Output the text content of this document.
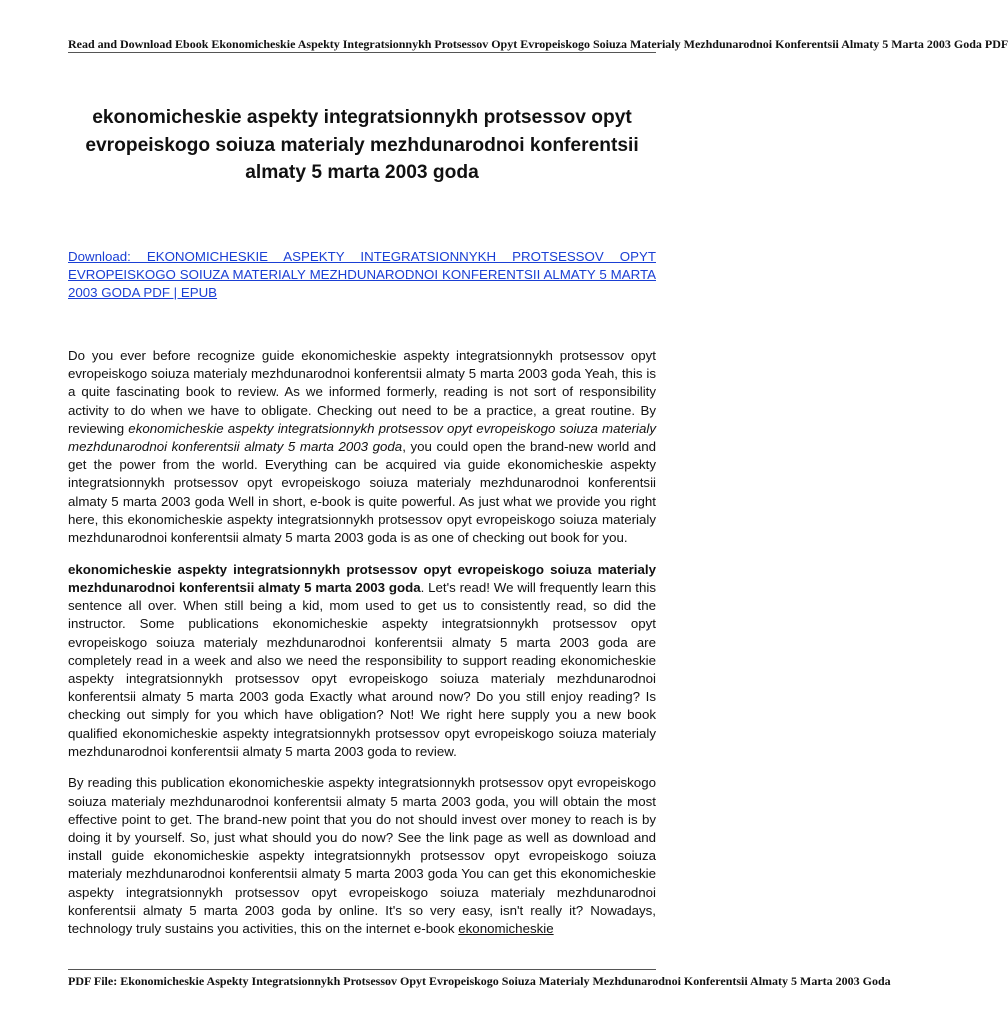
Read and Download Ebook Ekonomicheskie Aspekty Integratsionnykh Protsessov Opyt Evropeiskogo Soiuza Materialy Mezhdunarodnoi Konferentsii Almaty 5 Marta 2003 Goda PDF
ekonomicheskie aspekty integratsionnykh protsessov opyt evropeiskogo soiuza materialy mezhdunarodnoi konferentsii almaty 5 marta 2003 goda
Download: EKONOMICHESKIE ASPEKTY INTEGRATSIONNYKH PROTSESSOV OPYT EVROPEISKOGO SOIUZA MATERIALY MEZHDUNARODNOI KONFERENTSII ALMATY 5 MARTA 2003 GODA PDF | EPUB

Do you ever before recognize guide ekonomicheskie aspekty integratsionnykh protsessov opyt evropeiskogo soiuza materialy mezhdunarodnoi konferentsii almaty 5 marta 2003 goda Yeah, this is a quite fascinating book to review. As we informed formerly, reading is not sort of responsibility activity to do when we have to obligate. Checking out need to be a practice, a great routine. By reviewing ekonomicheskie aspekty integratsionnykh protsessov opyt evropeiskogo soiuza materialy mezhdunarodnoi konferentsii almaty 5 marta 2003 goda, you could open the brand-new world and get the power from the world. Everything can be acquired via guide ekonomicheskie aspekty integratsionnykh protsessov opyt evropeiskogo soiuza materialy mezhdunarodnoi konferentsii almaty 5 marta 2003 goda Well in short, e-book is quite powerful. As just what we provide you right here, this ekonomicheskie aspekty integratsionnykh protsessov opyt evropeiskogo soiuza materialy mezhdunarodnoi konferentsii almaty 5 marta 2003 goda is as one of checking out book for you.

ekonomicheskie aspekty integratsionnykh protsessov opyt evropeiskogo soiuza materialy mezhdunarodnoi konferentsii almaty 5 marta 2003 goda. Let's read! We will frequently learn this sentence all over. When still being a kid, mom used to get us to consistently read, so did the instructor. Some publications ekonomicheskie aspekty integratsionnykh protsessov opyt evropeiskogo soiuza materialy mezhdunarodnoi konferentsii almaty 5 marta 2003 goda are completely read in a week and also we need the responsibility to support reading ekonomicheskie aspekty integratsionnykh protsessov opyt evropeiskogo soiuza materialy mezhdunarodnoi konferentsii almaty 5 marta 2003 goda Exactly what around now? Do you still enjoy reading? Is checking out simply for you which have obligation? Not! We right here supply you a new book qualified ekonomicheskie aspekty integratsionnykh protsessov opyt evropeiskogo soiuza materialy mezhdunarodnoi konferentsii almaty 5 marta 2003 goda to review.

By reading this publication ekonomicheskie aspekty integratsionnykh protsessov opyt evropeiskogo soiuza materialy mezhdunarodnoi konferentsii almaty 5 marta 2003 goda, you will obtain the most effective point to get. The brand-new point that you do not should invest over money to reach is by doing it by yourself. So, just what should you do now? See the link page as well as download and install guide ekonomicheskie aspekty integratsionnykh protsessov opyt evropeiskogo soiuza materialy mezhdunarodnoi konferentsii almaty 5 marta 2003 goda You can get this ekonomicheskie aspekty integratsionnykh protsessov opyt evropeiskogo soiuza materialy mezhdunarodnoi konferentsii almaty 5 marta 2003 goda by online. It's so very easy, isn't really it? Nowadays, technology truly sustains you activities, this on the internet e-book ekonomicheskie

PDF File: Ekonomicheskie Aspekty Integratsionnykh Protsessov Opyt Evropeiskogo Soiuza Materialy Mezhdunarodnoi Konferentsii Almaty 5 Marta 2003 Goda
